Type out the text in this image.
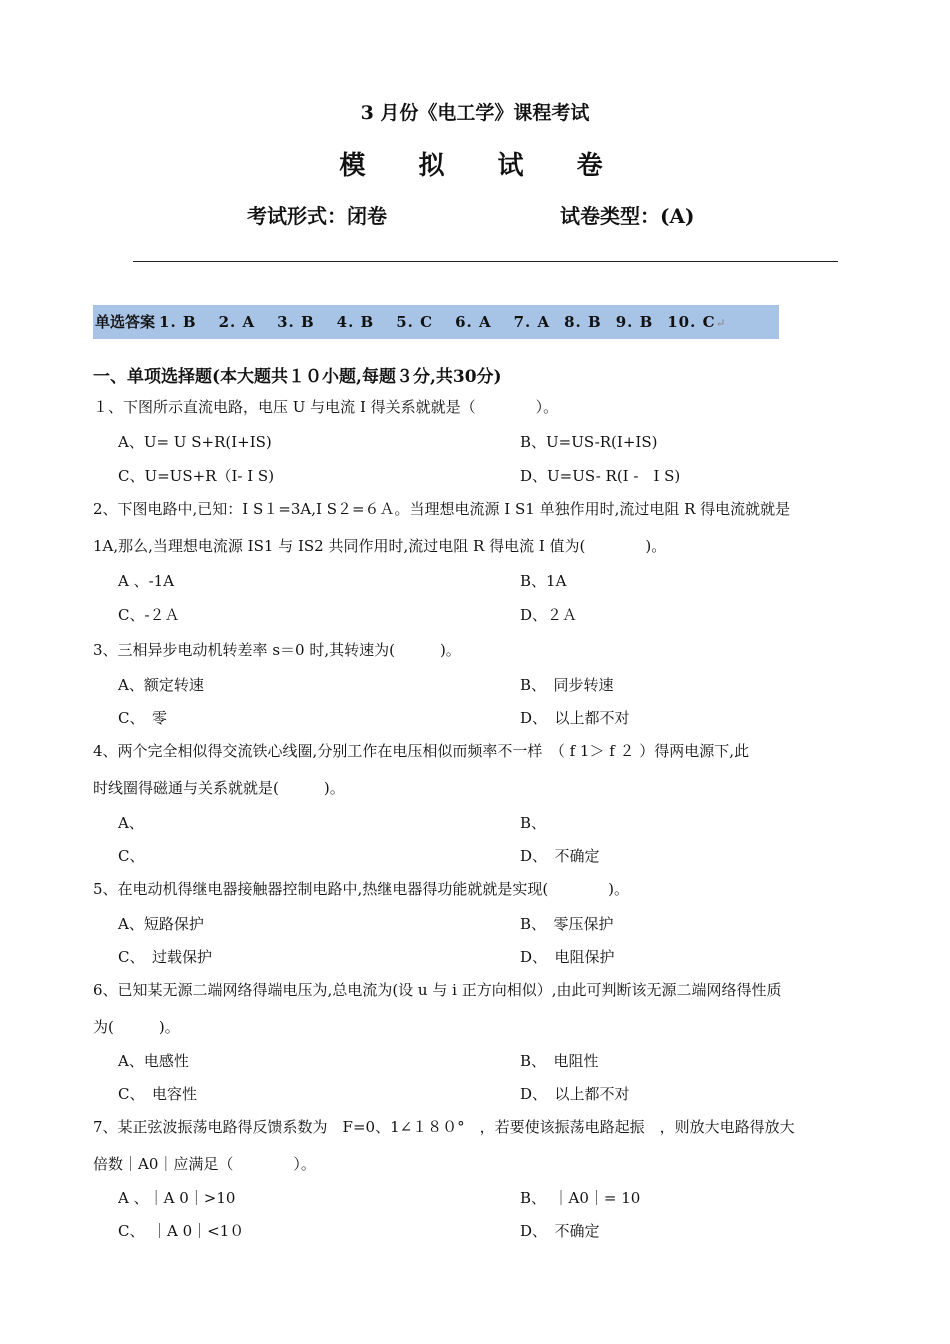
3 月份《电工学》课程考试
模 拟 试 卷
考试形式：闭卷	试卷类型：(A)
单选答案 1. B 2. A 3. B 4. B 5. C 6. A 7. A 8. B 9. B 10. C↵
一、单项选择题(本大题共１０小题,每题３分,共30分)
１、下图所示直流电路，电压 U 与电流 I 得关系就就是（　　　　）。
A、U= U S+R(I+IS)	B、U=US-R(I+IS)
C、U=US+R（I- I S)	D、U=US- R(I -　I S)
2、下图电路中,已知：I S１=3A,I S２=６Ａ。当理想电流源 I S1 单独作用时,流过电阻 R 得电流就就是
1A,那么,当理想电流源 IS1 与 IS2 共同作用时,流过电阻 R 得电流 I 值为(　　　　)。
A 、-1A	B、1A
C、-２Ａ	D、２Ａ
3、三相异步电动机转差率 s＝0 时,其转速为(　　　)。
A、额定转速	B、　同步转速
C、　零	D、　以上都不对
4、两个完全相似得交流铁心线圈,分别工作在电压相似而频率不一样　（ f 1＞ f ２ ）得两电源下,此
时线圈得磁通与关系就就是(　　　)。
A、	B、
C、	D、　不确定
5、在电动机得继电器接触器控制电路中,热继电器得功能就就是实现(　　　　)。
A、短路保护	B、　零压保护
C、　过载保护	D、　电阻保护
6、已知某无源二端网络得端电压为,总电流为(设 u 与 i 正方向相似）,由此可判断该无源二端网络得性质
为(　　　)。
A、电感性	B、　电阻性
C、　电容性	D、　以上都不对
7、某正弦波振荡电路得反馈系数为　F=0、1∠１８０°　，若要使该振荡电路起振　，则放大电路得放大
倍数｜A0｜应满足（　　　　）。
A 、｜A 0｜>10	B、　｜A0｜= 10
C、　｜A 0｜<1０	D、　不确定
